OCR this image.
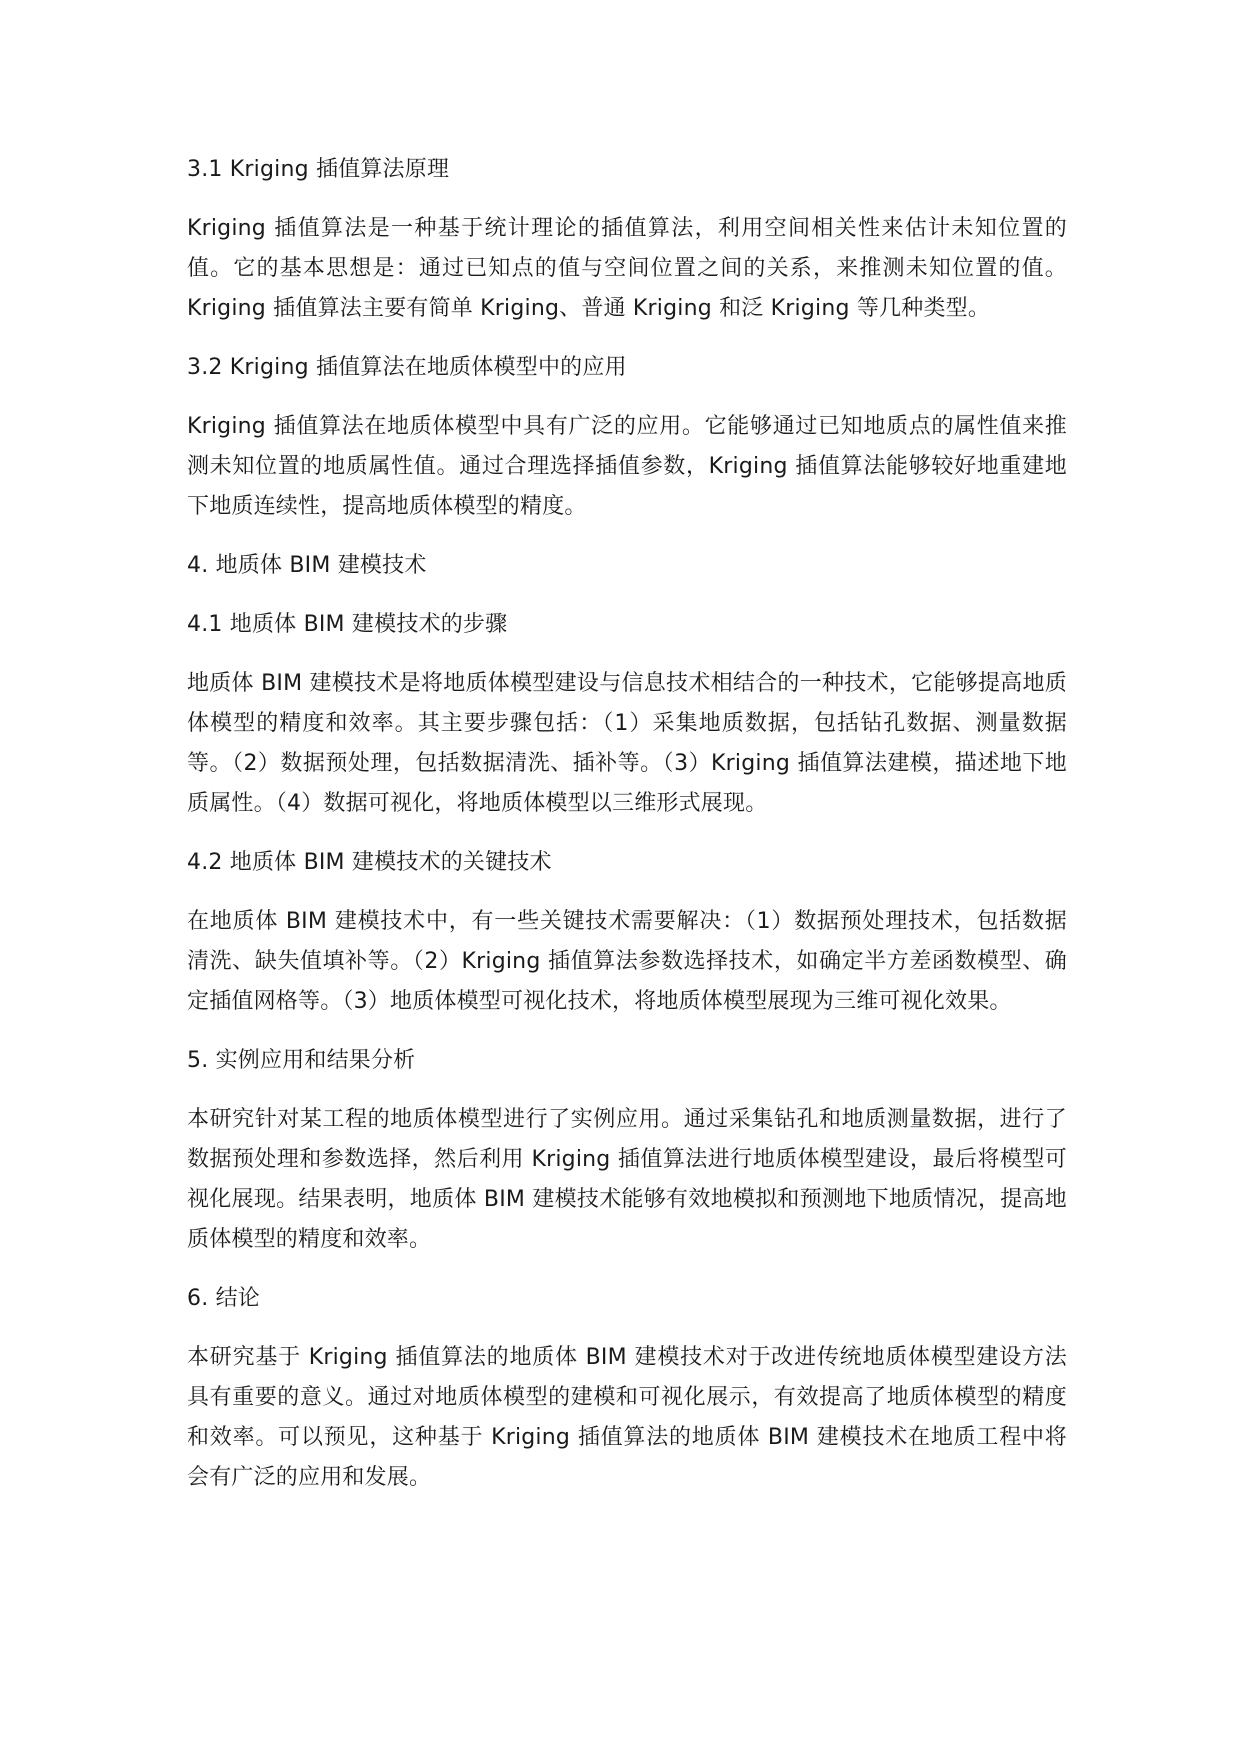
3.1 Kriging 插值算法原理
Kriging 插值算法是一种基于统计理论的插值算法，利用空间相关性来估计未知位置的值。它的基本思想是：通过已知点的值与空间位置之间的关系，来推测未知位置的值。Kriging 插值算法主要有简单 Kriging、普通 Kriging 和泛 Kriging 等几种类型。
3.2 Kriging 插值算法在地质体模型中的应用
Kriging 插值算法在地质体模型中具有广泛的应用。它能够通过已知地质点的属性值来推测未知位置的地质属性值。通过合理选择插值参数，Kriging 插值算法能够较好地重建地下地质连续性，提高地质体模型的精度。
4. 地质体 BIM 建模技术
4.1 地质体 BIM 建模技术的步骤
地质体 BIM 建模技术是将地质体模型建设与信息技术相结合的一种技术，它能够提高地质体模型的精度和效率。其主要步骤包括：（1）采集地质数据，包括钻孔数据、测量数据等。（2）数据预处理，包括数据清洗、插补等。（3）Kriging 插值算法建模，描述地下地质属性。（4）数据可视化，将地质体模型以三维形式展现。
4.2 地质体 BIM 建模技术的关键技术
在地质体 BIM 建模技术中，有一些关键技术需要解决：（1）数据预处理技术，包括数据清洗、缺失值填补等。（2）Kriging 插值算法参数选择技术，如确定半方差函数模型、确定插值网格等。（3）地质体模型可视化技术，将地质体模型展现为三维可视化效果。
5. 实例应用和结果分析
本研究针对某工程的地质体模型进行了实例应用。通过采集钻孔和地质测量数据，进行了数据预处理和参数选择，然后利用 Kriging 插值算法进行地质体模型建设，最后将模型可视化展现。结果表明，地质体 BIM 建模技术能够有效地模拟和预测地下地质情况，提高地质体模型的精度和效率。
6. 结论
本研究基于 Kriging 插值算法的地质体 BIM 建模技术对于改进传统地质体模型建设方法具有重要的意义。通过对地质体模型的建模和可视化展示，有效提高了地质体模型的精度和效率。可以预见，这种基于 Kriging 插值算法的地质体 BIM 建模技术在地质工程中将会有广泛的应用和发展。
